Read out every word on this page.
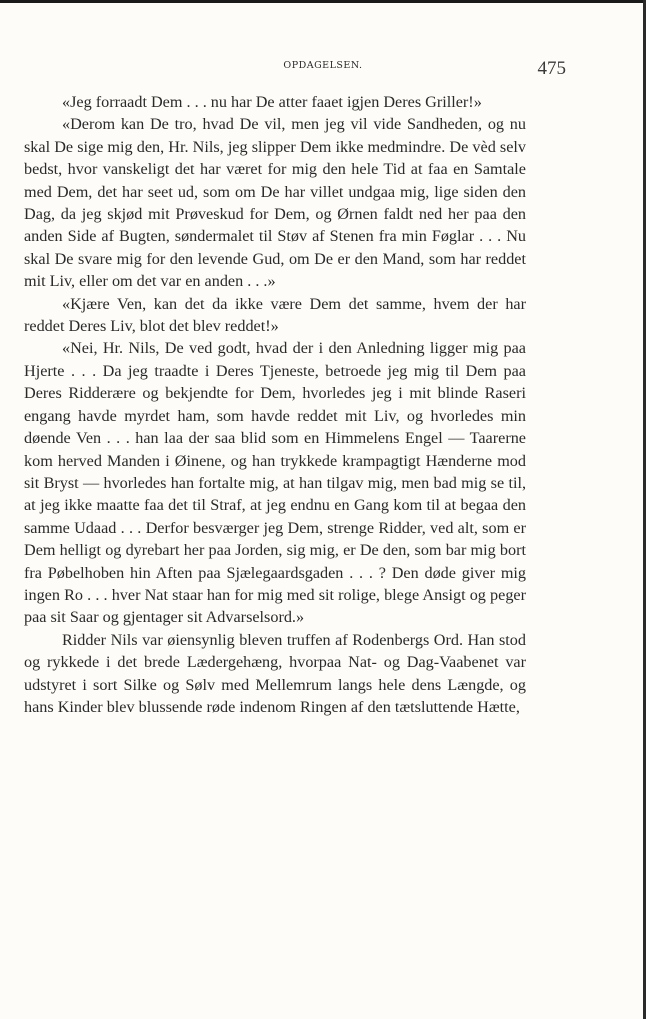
OPDAGELSEN.	475

«Jeg forraadt Dem . . . nu har De atter faaet igjen Deres Griller!»

«Derom kan De tro, hvad De vil, men jeg vil vide Sandheden, og nu skal De sige mig den, Hr. Nils, jeg slipper Dem ikke medmindre. De vèd selv bedst, hvor vanskeligt det har været for mig den hele Tid at faa en Samtale med Dem, det har seet ud, som om De har villet undgaa mig, lige siden den Dag, da jeg skjød mit Prøveskud for Dem, og Ørnen faldt ned her paa den anden Side af Bugten, søndermalet til Støv af Stenen fra min Føglar . . . Nu skal De svare mig for den levende Gud, om De er den Mand, som har reddet mit Liv, eller om det var en anden . . .»

«Kjære Ven, kan det da ikke være Dem det samme, hvem der har reddet Deres Liv, blot det blev reddet!»

«Nei, Hr. Nils, De ved godt, hvad der i den Anledning ligger mig paa Hjerte . . . Da jeg traadte i Deres Tjeneste, betroede jeg mig til Dem paa Deres Ridderære og bekjendte for Dem, hvorledes jeg i mit blinde Raseri engang havde myrdet ham, som havde reddet mit Liv, og hvorledes min døende Ven . . . han laa der saa blid som en Himmelens Engel — Taarerne kom herved Manden i Øinene, og han trykkede krampagtigt Hænderne mod sit Bryst — hvorledes han fortalte mig, at han tilgav mig, men bad mig se til, at jeg ikke maatte faa det til Straf, at jeg endnu en Gang kom til at begaa den samme Udaad . . . Derfor besværger jeg Dem, strenge Ridder, ved alt, som er Dem helligt og dyrebart her paa Jorden, sig mig, er De den, som bar mig bort fra Pøbelhoben hin Aften paa Sjælegaardsgaden . . . ? Den døde giver mig ingen Ro . . . hver Nat staar han for mig med sit rolige, blege Ansigt og peger paa sit Saar og gjentager sit Advarselsord.»

Ridder Nils var øiensynlig bleven truffen af Rodenbergs Ord. Han stod og rykkede i det brede Lædergehæng, hvorpaa Nat- og Dag-Vaabenet var udstyret i sort Silke og Sølv med Mellemrum langs hele dens Længde, og hans Kinder blev blussende røde indenom Ringen af den tætsluttende Hætte,
